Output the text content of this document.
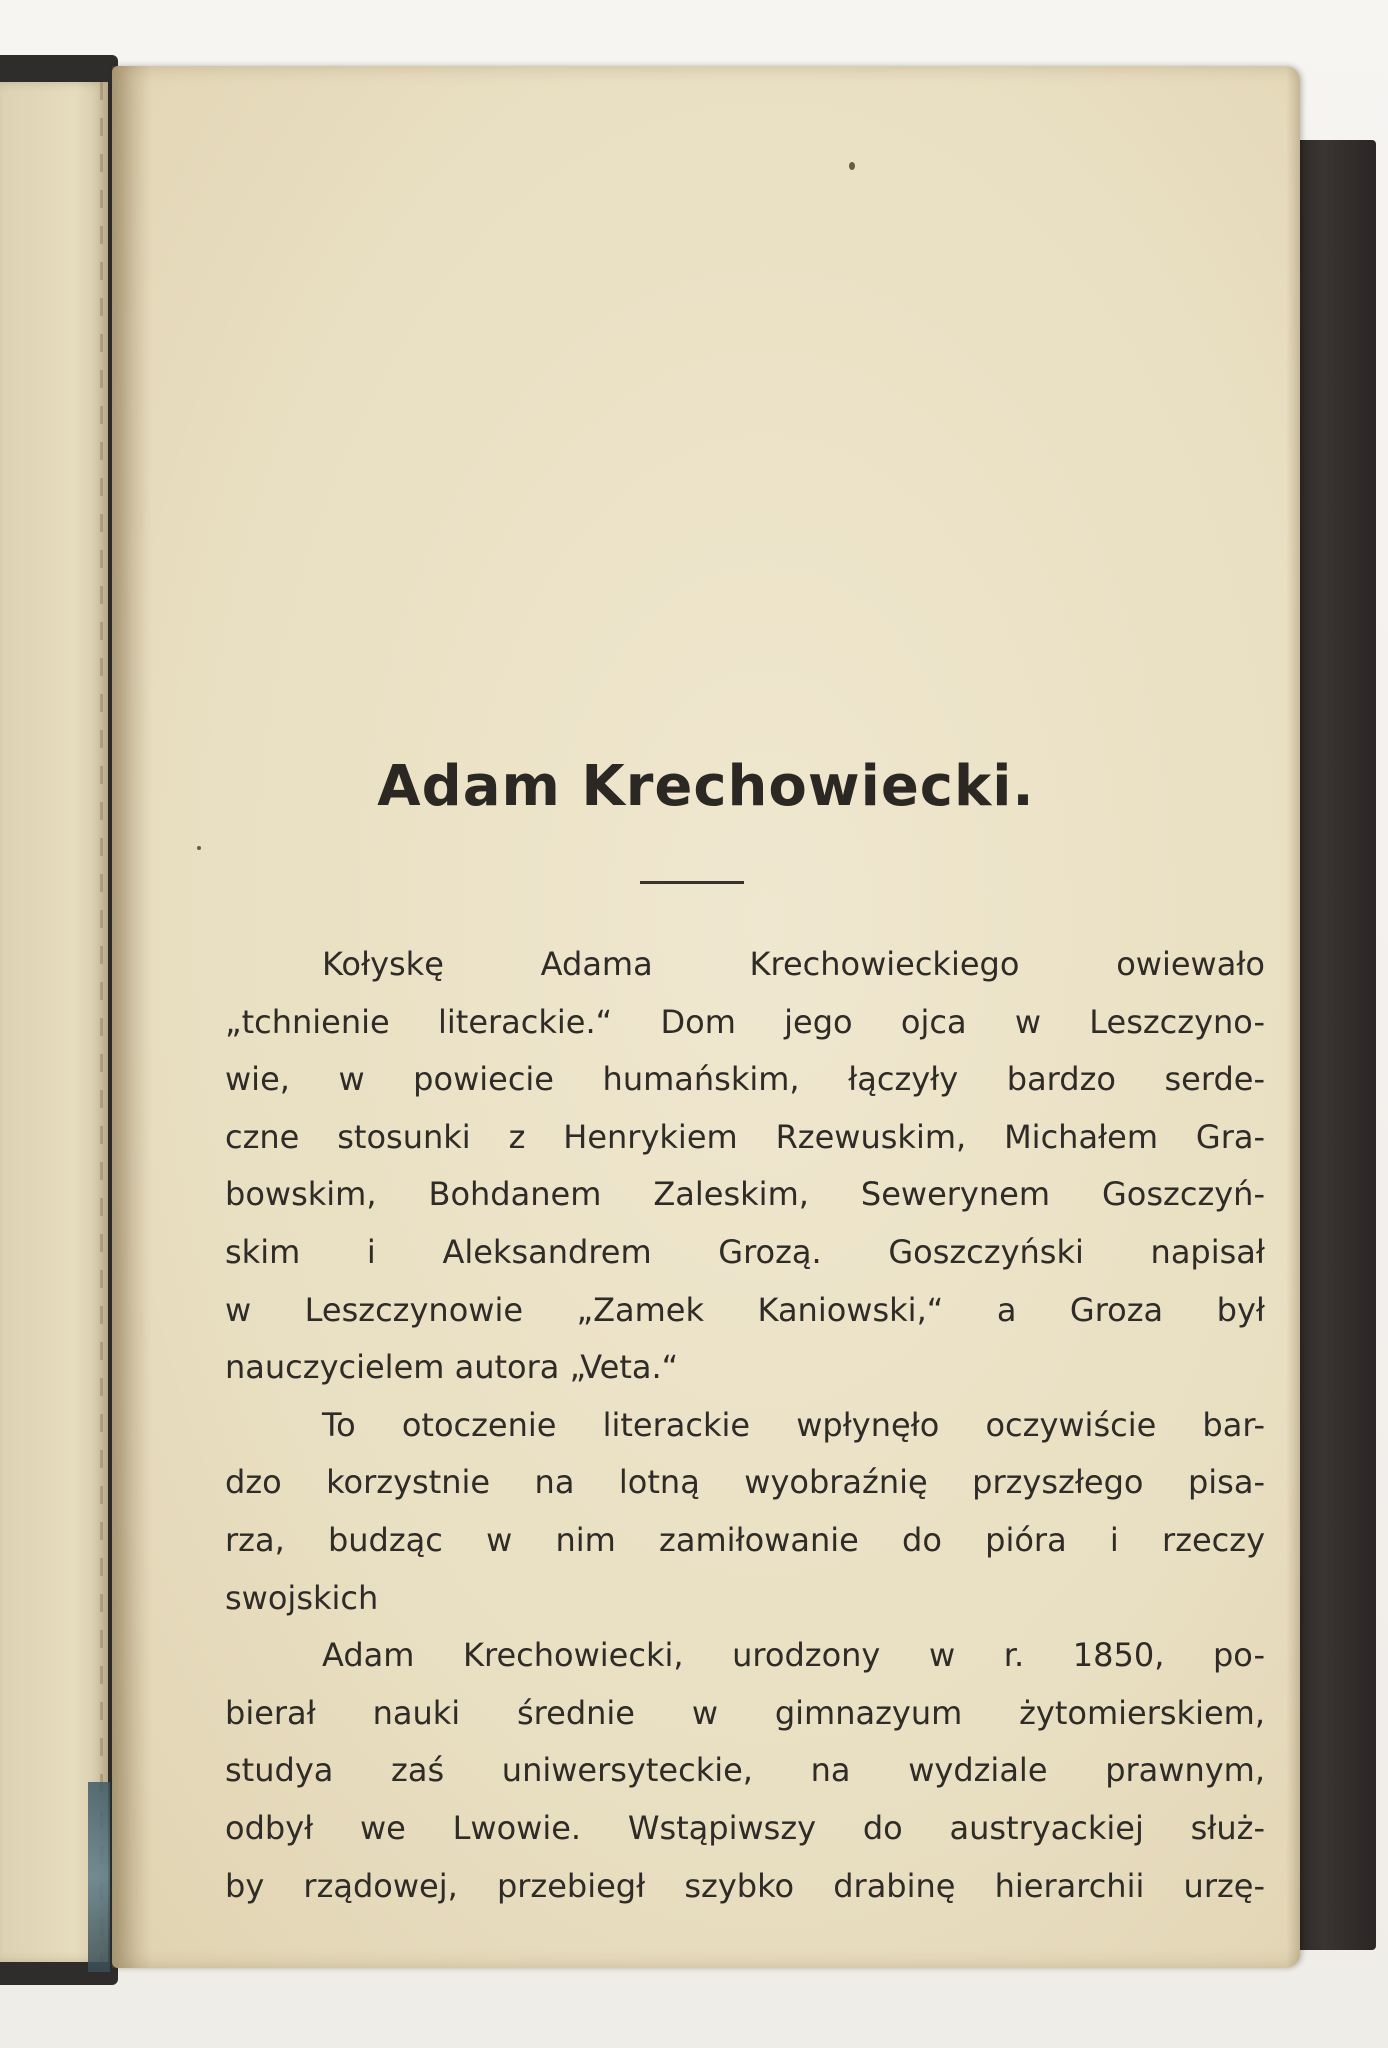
Adam Krechowiecki.
Kołyskę Adama Krechowieckiego owiewało
„tchnienie literackie.“ Dom jego ojca w Leszczyno-
wie, w powiecie humańskim, łączyły bardzo serde-
czne stosunki z Henrykiem Rzewuskim, Michałem Gra-
bowskim, Bohdanem Zaleskim, Sewerynem Goszczyń-
skim i Aleksandrem Grozą. Goszczyński napisał
w Leszczynowie „Zamek Kaniowski,“ a Groza był
nauczycielem autora „Veta.“
To otoczenie literackie wpłynęło oczywiście bar-
dzo korzystnie na lotną wyobraźnię przyszłego pisa-
rza, budząc w nim zamiłowanie do pióra i rzeczy
swojskich
Adam Krechowiecki, urodzony w r. 1850, po-
bierał nauki średnie w gimnazyum żytomierskiem,
studya zaś uniwersyteckie, na wydziale prawnym,
odbył we Lwowie. Wstąpiwszy do austryackiej służ-
by rządowej, przebiegł szybko drabinę hierarchii urzę-
